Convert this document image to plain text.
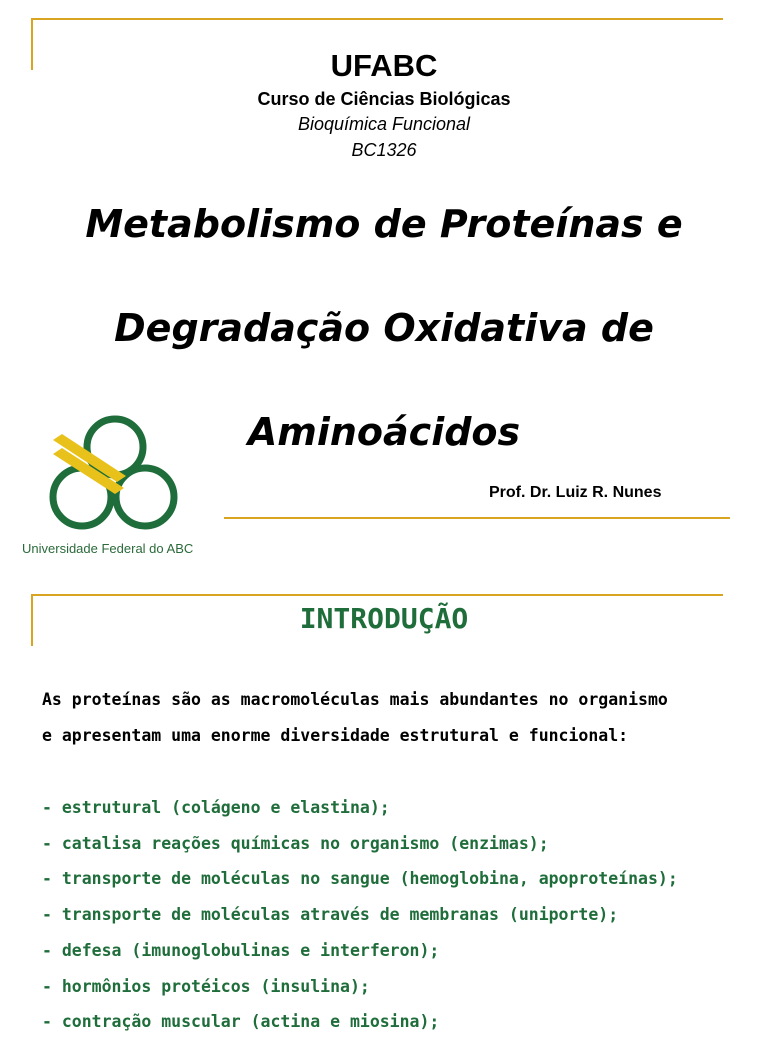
UFABC
Curso de Ciências Biológicas
Bioquímica Funcional
BC1326
Metabolismo de Proteínas e
Degradação Oxidativa de
Aminoácidos
Universidade Federal do ABC
Prof. Dr. Luiz R. Nunes
INTRODUÇÃO
As proteínas são as macromoléculas mais abundantes no organismo
e apresentam uma enorme diversidade estrutural e funcional:
- estrutural (colágeno e elastina);
- catalisa reações químicas no organismo (enzimas);
- transporte de moléculas no sangue (hemoglobina, apoproteínas);
- transporte de moléculas através de membranas (uniporte);
- defesa (imunoglobulinas e interferon);
- hormônios protéicos (insulina);
- contração muscular (actina e miosina);
